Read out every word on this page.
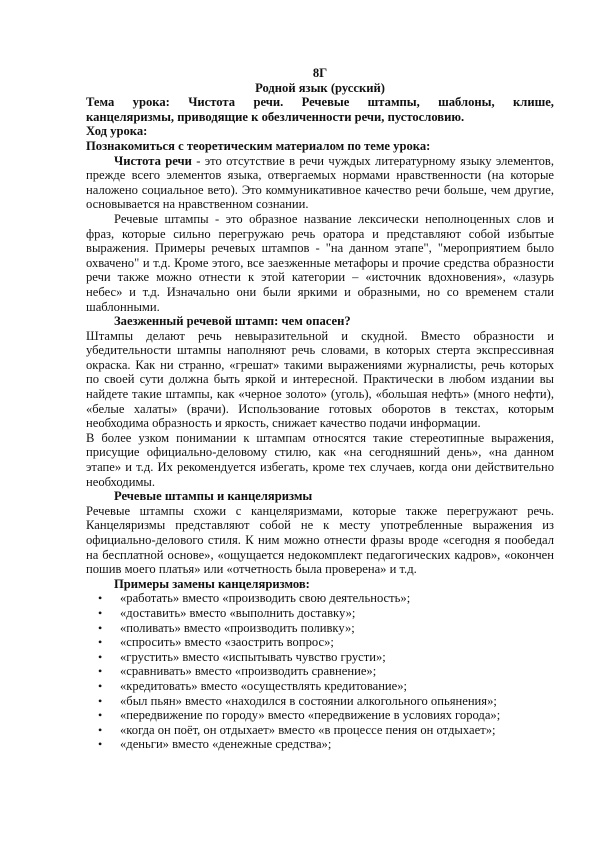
8Г
Родной язык (русский)
Тема урока: Чистота речи. Речевые штампы, шаблоны, клише,
канцеляризмы, приводящие к обезличенности речи, пустословию.
Ход урока:
Познакомиться с теоретическим материалом по теме урока:

Чистота речи - это отсутствие в речи чуждых литературному языку элементов, прежде всего элементов языка, отвергаемых нормами нравственности (на которые наложено социальное вето). Это коммуникативное качество речи больше, чем другие, основывается на нравственном сознании.

Речевые штампы - это образное название лексически неполноценных слов и фраз, которые сильно перегружаю речь оратора и представляют собой избытые выражения. Примеры речевых штампов - "на данном этапе", "мероприятием было охвачено" и т.д. Кроме этого, все заезженные метафоры и прочие средства образности речи также можно отнести к этой категории – «источник вдохновения», «лазурь небес» и т.д. Изначально они были яркими и образными, но со временем стали шаблонными.

Заезженный речевой штамп: чем опасен?

Штампы делают речь невыразительной и скудной. Вместо образности и убедительности штампы наполняют речь словами, в которых стерта экспрессивная окраска. Как ни странно, «грешат» такими выражениями журналисты, речь которых по своей сути должна быть яркой и интересной. Практически в любом издании вы найдете такие штампы, как «черное золото» (уголь), «большая нефть» (много нефти), «белые халаты» (врачи). Использование готовых оборотов в текстах, которым необходима образность и яркость, снижает качество подачи информации.

В более узком понимании к штампам относятся такие стереотипные выражения, присущие официально-деловому стилю, как «на сегодняшний день», «на данном этапе» и т.д. Их рекомендуется избегать, кроме тех случаев, когда они действительно необходимы.

Речевые штампы и канцеляризмы

Речевые штампы схожи с канцеляризмами, которые также перегружают речь. Канцеляризмы представляют собой не к месту употребленные выражения из официально-делового стиля. К ним можно отнести фразы вроде «сегодня я пообедал на бесплатной основе», «ощущается недокомплект педагогических кадров», «окончен пошив моего платья» или «отчетность была проверена» и т.д.

Примеры замены канцеляризмов:
• «работать» вместо «производить свою деятельность»;
• «доставить» вместо «выполнить доставку»;
• «поливать» вместо «производить поливку»;
• «спросить» вместо «заострить вопрос»;
• «грустить» вместо «испытывать чувство грусти»;
• «сравнивать» вместо «производить сравнение»;
• «кредитовать» вместо «осуществлять кредитование»;
• «был пьян» вместо «находился в состоянии алкогольного опьянения»;
• «передвижение по городу» вместо «передвижение в условиях города»;
• «когда он поёт, он отдыхает» вместо «в процессе пения он отдыхает»;
• «деньги» вместо «денежные средства»;
